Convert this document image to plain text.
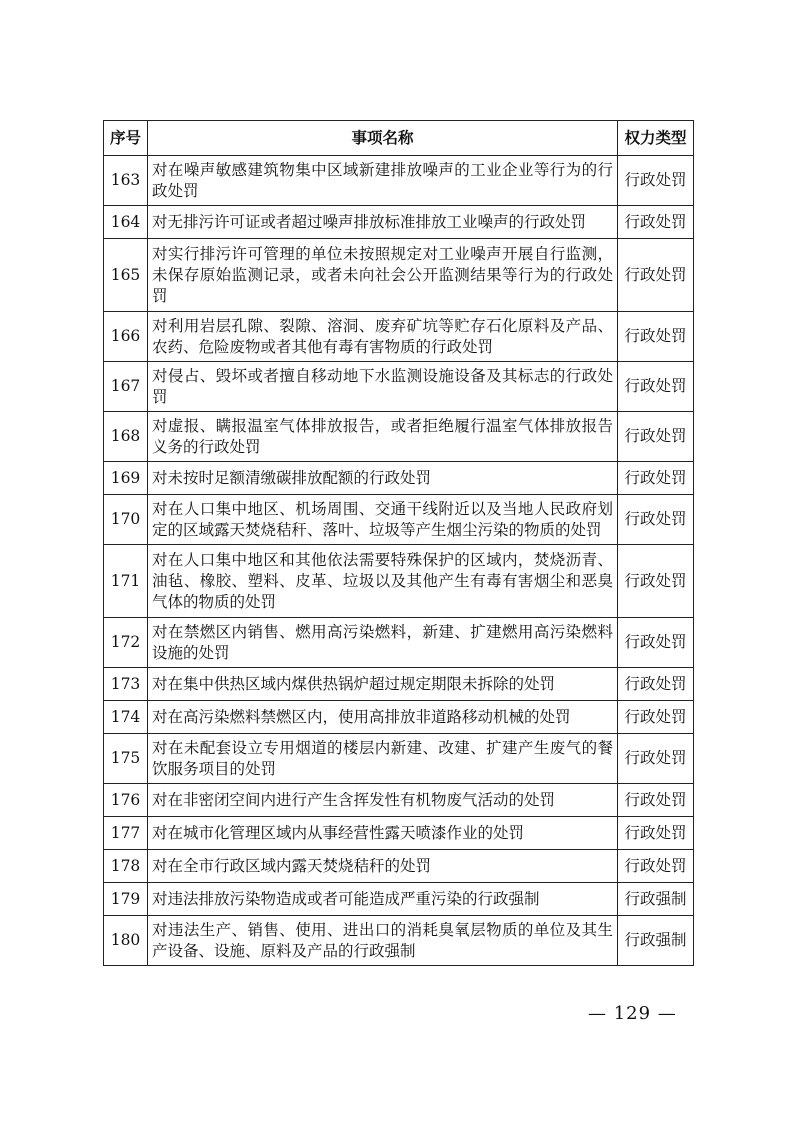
序号	事项名称	权力类型
163	对在噪声敏感建筑物集中区域新建排放噪声的工业企业等行为的行政处罚	行政处罚
164	对无排污许可证或者超过噪声排放标准排放工业噪声的行政处罚	行政处罚
165	对实行排污许可管理的单位未按照规定对工业噪声开展自行监测，未保存原始监测记录，或者未向社会公开监测结果等行为的行政处罚	行政处罚
166	对利用岩层孔隙、裂隙、溶洞、废弃矿坑等贮存石化原料及产品、农药、危险废物或者其他有毒有害物质的行政处罚	行政处罚
167	对侵占、毁坏或者擅自移动地下水监测设施设备及其标志的行政处罚	行政处罚
168	对虚报、瞒报温室气体排放报告，或者拒绝履行温室气体排放报告义务的行政处罚	行政处罚
169	对未按时足额清缴碳排放配额的行政处罚	行政处罚
170	对在人口集中地区、机场周围、交通干线附近以及当地人民政府划定的区域露天焚烧秸秆、落叶、垃圾等产生烟尘污染的物质的处罚	行政处罚
171	对在人口集中地区和其他依法需要特殊保护的区域内，焚烧沥青、油毡、橡胶、塑料、皮革、垃圾以及其他产生有毒有害烟尘和恶臭气体的物质的处罚	行政处罚
172	对在禁燃区内销售、燃用高污染燃料，新建、扩建燃用高污染燃料设施的处罚	行政处罚
173	对在集中供热区域内煤供热锅炉超过规定期限未拆除的处罚	行政处罚
174	对在高污染燃料禁燃区内，使用高排放非道路移动机械的处罚	行政处罚
175	对在未配套设立专用烟道的楼层内新建、改建、扩建产生废气的餐饮服务项目的处罚	行政处罚
176	对在非密闭空间内进行产生含挥发性有机物废气活动的处罚	行政处罚
177	对在城市化管理区域内从事经营性露天喷漆作业的处罚	行政处罚
178	对在全市行政区域内露天焚烧秸秆的处罚	行政处罚
179	对违法排放污染物造成或者可能造成严重污染的行政强制	行政强制
180	对违法生产、销售、使用、进出口的消耗臭氧层物质的单位及其生产设备、设施、原料及产品的行政强制	行政强制
— 129 —
